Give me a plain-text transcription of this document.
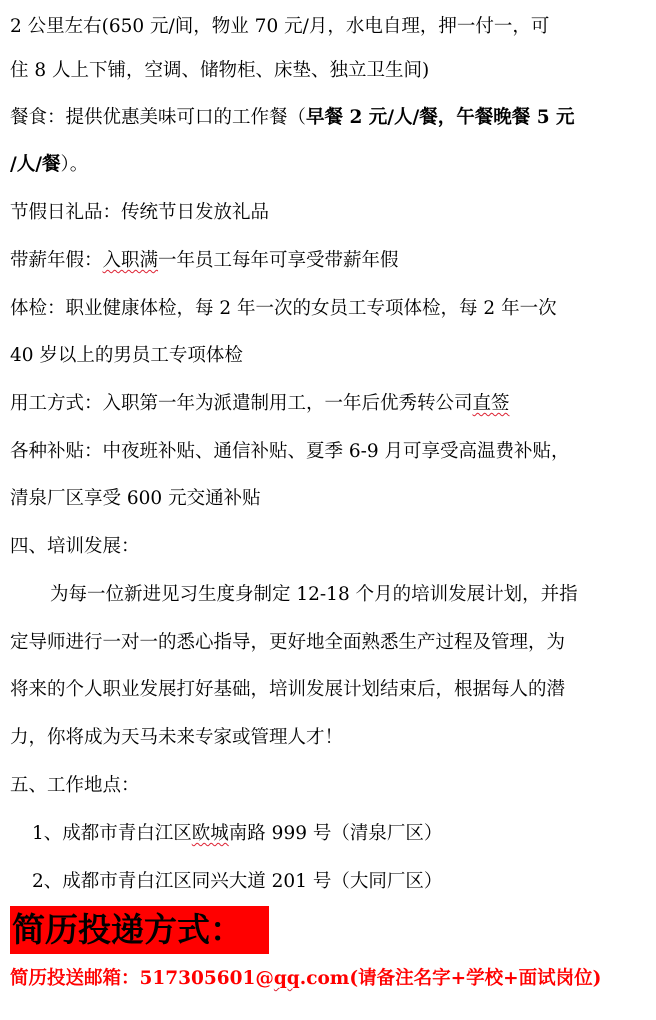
2 公里左右(650 元/间，物业 70 元/月，水电自理，押一付一，可
住 8 人上下铺，空调、储物柜、床垫、独立卫生间)
餐食：提供优惠美味可口的工作餐（早餐 2 元/人/餐，午餐晚餐 5 元
/人/餐）。
节假日礼品：传统节日发放礼品
带薪年假：入职满一年员工每年可享受带薪年假
体检：职业健康体检，每 2 年一次的女员工专项体检，每 2 年一次
40 岁以上的男员工专项体检
用工方式：入职第一年为派遣制用工，一年后优秀转公司直签
各种补贴：中夜班补贴、通信补贴、夏季 6-9 月可享受高温费补贴，
清泉厂区享受 600 元交通补贴
四、培训发展：
为每一位新进见习生度身制定 12-18 个月的培训发展计划，并指
定导师进行一对一的悉心指导，更好地全面熟悉生产过程及管理，为
将来的个人职业发展打好基础，培训发展计划结束后，根据每人的潜
力，你将成为天马未来专家或管理人才！
五、工作地点：
1、成都市青白江区欧城南路 999 号（清泉厂区）
2、成都市青白江区同兴大道 201 号（大同厂区）
简历投递方式：
简历投送邮箱：517305601@qq.com(请备注名字+学校+面试岗位)
